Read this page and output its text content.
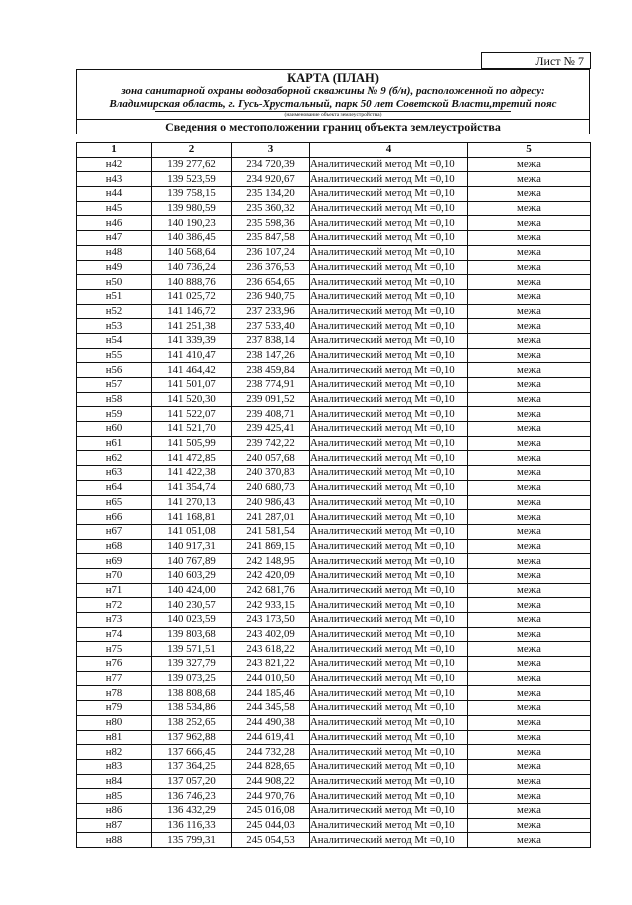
Лист № 7
КАРТА (ПЛАН)
зона санитарной охраны водозаборной скважины № 9 (б/н), расположенной по адресу:
Владимирская область, г. Гусь-Хрустальный, парк 50 лет Советской Власти,третий пояс
(наименование объекта землеустройства)
Сведения о местоположении границ объекта землеустройства
1	2	3	4	5
н42	139 277,62	234 720,39	Аналитический метод Mt =0,10	межа
н43	139 523,59	234 920,67	Аналитический метод Mt =0,10	межа
н44	139 758,15	235 134,20	Аналитический метод Mt =0,10	межа
н45	139 980,59	235 360,32	Аналитический метод Mt =0,10	межа
н46	140 190,23	235 598,36	Аналитический метод Mt =0,10	межа
н47	140 386,45	235 847,58	Аналитический метод Mt =0,10	межа
н48	140 568,64	236 107,24	Аналитический метод Mt =0,10	межа
н49	140 736,24	236 376,53	Аналитический метод Mt =0,10	межа
н50	140 888,76	236 654,65	Аналитический метод Mt =0,10	межа
н51	141 025,72	236 940,75	Аналитический метод Mt =0,10	межа
н52	141 146,72	237 233,96	Аналитический метод Mt =0,10	межа
н53	141 251,38	237 533,40	Аналитический метод Mt =0,10	межа
н54	141 339,39	237 838,14	Аналитический метод Mt =0,10	межа
н55	141 410,47	238 147,26	Аналитический метод Mt =0,10	межа
н56	141 464,42	238 459,84	Аналитический метод Mt =0,10	межа
н57	141 501,07	238 774,91	Аналитический метод Mt =0,10	межа
н58	141 520,30	239 091,52	Аналитический метод Mt =0,10	межа
н59	141 522,07	239 408,71	Аналитический метод Mt =0,10	межа
н60	141 521,70	239 425,41	Аналитический метод Mt =0,10	межа
н61	141 505,99	239 742,22	Аналитический метод Mt =0,10	межа
н62	141 472,85	240 057,68	Аналитический метод Mt =0,10	межа
н63	141 422,38	240 370,83	Аналитический метод Mt =0,10	межа
н64	141 354,74	240 680,73	Аналитический метод Mt =0,10	межа
н65	141 270,13	240 986,43	Аналитический метод Mt =0,10	межа
н66	141 168,81	241 287,01	Аналитический метод Mt =0,10	межа
н67	141 051,08	241 581,54	Аналитический метод Mt =0,10	межа
н68	140 917,31	241 869,15	Аналитический метод Mt =0,10	межа
н69	140 767,89	242 148,95	Аналитический метод Mt =0,10	межа
н70	140 603,29	242 420,09	Аналитический метод Mt =0,10	межа
н71	140 424,00	242 681,76	Аналитический метод Mt =0,10	межа
н72	140 230,57	242 933,15	Аналитический метод Mt =0,10	межа
н73	140 023,59	243 173,50	Аналитический метод Mt =0,10	межа
н74	139 803,68	243 402,09	Аналитический метод Mt =0,10	межа
н75	139 571,51	243 618,22	Аналитический метод Mt =0,10	межа
н76	139 327,79	243 821,22	Аналитический метод Mt =0,10	межа
н77	139 073,25	244 010,50	Аналитический метод Mt =0,10	межа
н78	138 808,68	244 185,46	Аналитический метод Mt =0,10	межа
н79	138 534,86	244 345,58	Аналитический метод Mt =0,10	межа
н80	138 252,65	244 490,38	Аналитический метод Mt =0,10	межа
н81	137 962,88	244 619,41	Аналитический метод Mt =0,10	межа
н82	137 666,45	244 732,28	Аналитический метод Mt =0,10	межа
н83	137 364,25	244 828,65	Аналитический метод Mt =0,10	межа
н84	137 057,20	244 908,22	Аналитический метод Mt =0,10	межа
н85	136 746,23	244 970,76	Аналитический метод Mt =0,10	межа
н86	136 432,29	245 016,08	Аналитический метод Mt =0,10	межа
н87	136 116,33	245 044,03	Аналитический метод Mt =0,10	межа
н88	135 799,31	245 054,53	Аналитический метод Mt =0,10	межа
